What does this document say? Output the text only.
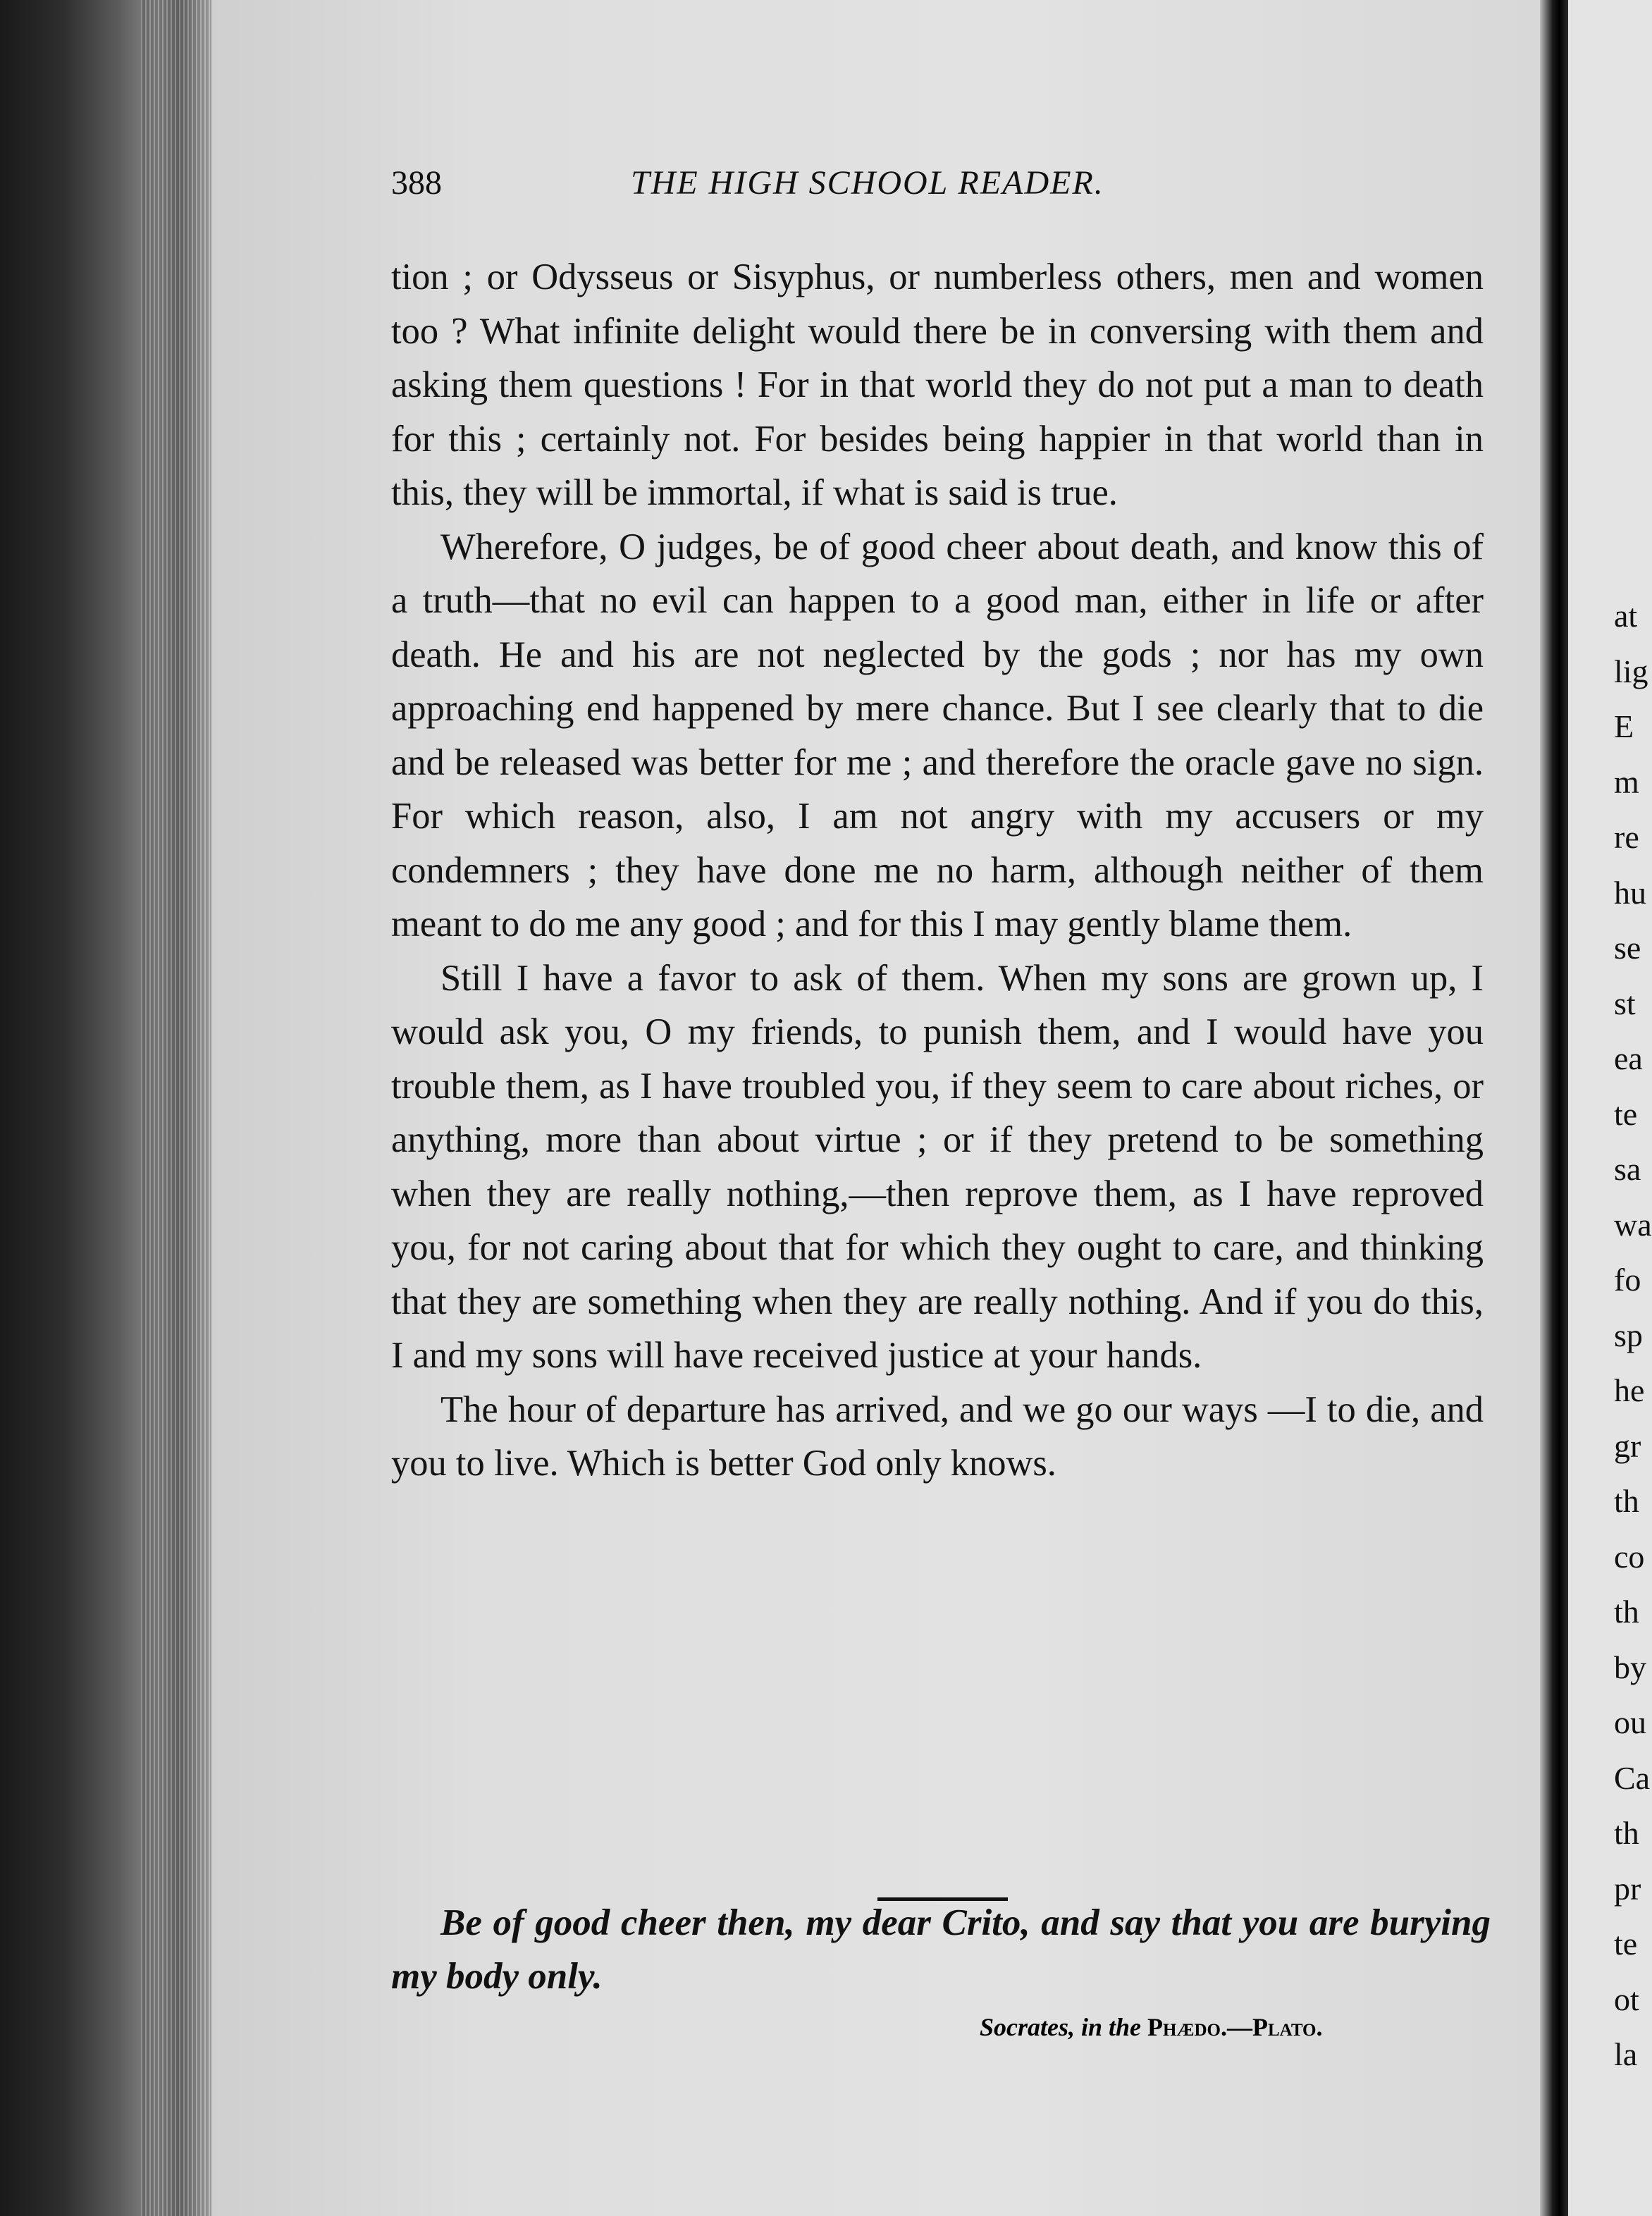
at
lig
E
m
re
hu
se
st
ea
te
sa
wa
fo
sp
he
gr
th
co
th
by
ou
Ca
th
pr
te
ot
la
388	THE HIGH SCHOOL READER.

tion ; or Odysseus or Sisyphus, or numberless others, men and women too ? What infinite delight would there be in conversing with them and asking them questions ! For in that world they do not put a man to death for this ; certainly not. For besides being happier in that world than in this, they will be immortal, if what is said is true.

Wherefore, O judges, be of good cheer about death, and know this of a truth—that no evil can happen to a good man, either in life or after death. He and his are not neglected by the gods ; nor has my own approaching end happened by mere chance. But I see clearly that to die and be released was better for me ; and therefore the oracle gave no sign. For which reason, also, I am not angry with my accusers or my condemners ; they have done me no harm, although neither of them meant to do me any good ; and for this I may gently blame them.

Still I have a favor to ask of them. When my sons are grown up, I would ask you, O my friends, to punish them, and I would have you trouble them, as I have troubled you, if they seem to care about riches, or anything, more than about virtue ; or if they pretend to be something when they are really nothing,—then reprove them, as I have reproved you, for not caring about that for which they ought to care, and thinking that they are something when they are really nothing. And if you do this, I and my sons will have received justice at your hands.

The hour of departure has arrived, and we go our ways —I to die, and you to live. Which is better God only knows.

Be of good cheer then, my dear Crito, and say that you are burying my body only.
Socrates, in the Phædo.—Plato.
